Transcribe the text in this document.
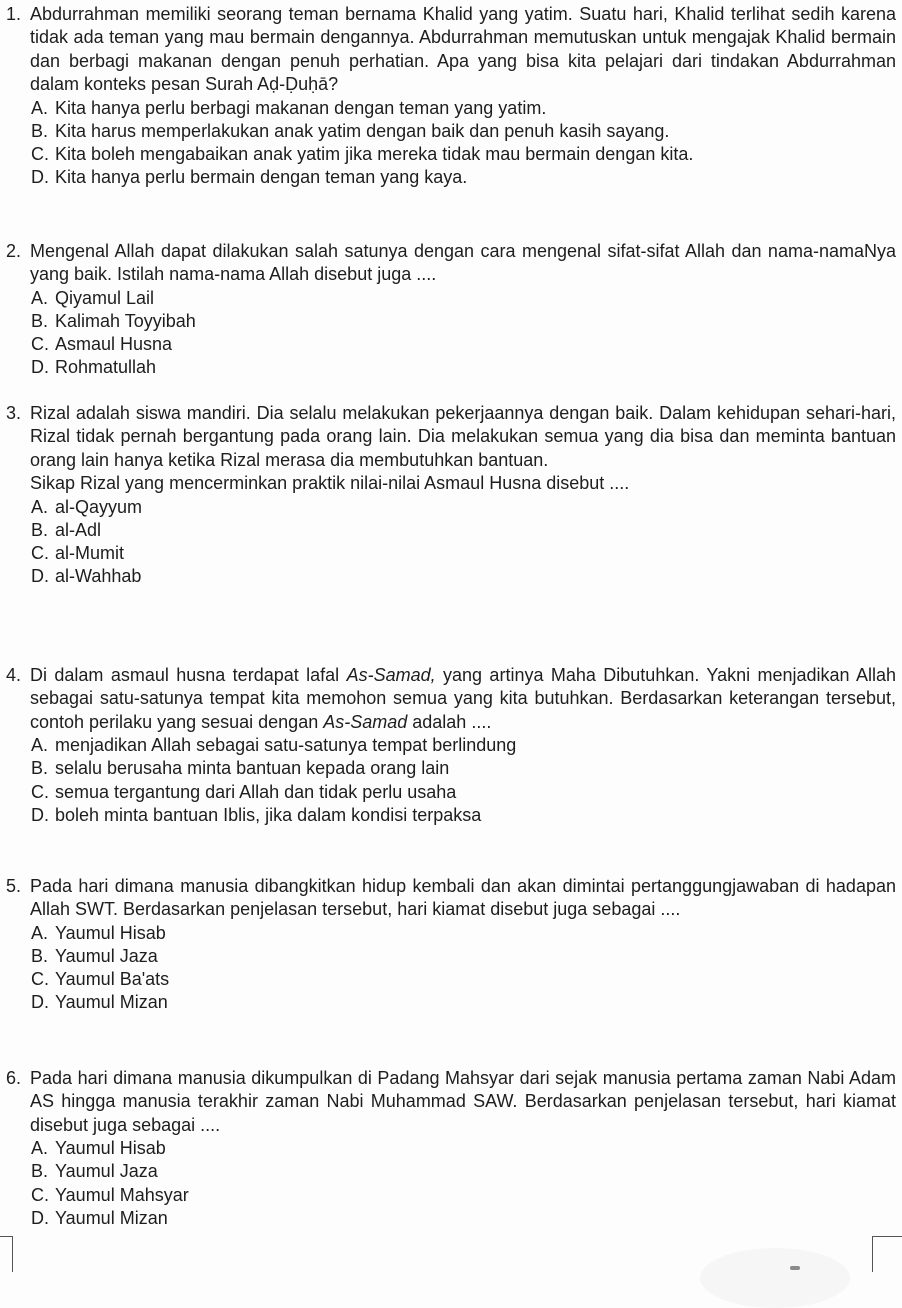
1. Abdurrahman memiliki seorang teman bernama Khalid yang yatim. Suatu hari, Khalid terlihat sedih karena tidak ada teman yang mau bermain dengannya. Abdurrahman memutuskan untuk mengajak Khalid bermain dan berbagi makanan dengan penuh perhatian. Apa yang bisa kita pelajari dari tindakan Abdurrahman dalam konteks pesan Surah Aḍ-Ḍuḥā?

A. Kita hanya perlu berbagi makanan dengan teman yang yatim.
B. Kita harus memperlakukan anak yatim dengan baik dan penuh kasih sayang.
C. Kita boleh mengabaikan anak yatim jika mereka tidak mau bermain dengan kita.
D. Kita hanya perlu bermain dengan teman yang kaya.
2. Mengenal Allah dapat dilakukan salah satunya dengan cara mengenal sifat-sifat Allah dan nama-namaNya yang baik. Istilah nama-nama Allah disebut juga ....

A. Qiyamul Lail
B. Kalimah Toyyibah
C. Asmaul Husna
D. Rohmatullah
3. Rizal adalah siswa mandiri. Dia selalu melakukan pekerjaannya dengan baik. Dalam kehidupan sehari-hari, Rizal tidak pernah bergantung pada orang lain. Dia melakukan semua yang dia bisa dan meminta bantuan orang lain hanya ketika Rizal merasa dia membutuhkan bantuan.

Sikap Rizal yang mencerminkan praktik nilai-nilai Asmaul Husna disebut ....

A. al-Qayyum
B. al-Adl
C. al-Mumit
D. al-Wahhab
4. Di dalam asmaul husna terdapat lafal As-Samad, yang artinya Maha Dibutuhkan. Yakni menjadikan Allah sebagai satu-satunya tempat kita memohon semua yang kita butuhkan. Berdasarkan keterangan tersebut, contoh perilaku yang sesuai dengan As-Samad adalah ....

A. menjadikan Allah sebagai satu-satunya tempat berlindung
B. selalu berusaha minta bantuan kepada orang lain
C. semua tergantung dari Allah dan tidak perlu usaha
D. boleh minta bantuan Iblis, jika dalam kondisi terpaksa
5. Pada hari dimana manusia dibangkitkan hidup kembali dan akan dimintai pertanggungjawaban di hadapan Allah SWT. Berdasarkan penjelasan tersebut, hari kiamat disebut juga sebagai ....

A. Yaumul Hisab
B. Yaumul Jaza
C. Yaumul Ba'ats
D. Yaumul Mizan
6. Pada hari dimana manusia dikumpulkan di Padang Mahsyar dari sejak manusia pertama zaman Nabi Adam AS hingga manusia terakhir zaman Nabi Muhammad SAW. Berdasarkan penjelasan tersebut, hari kiamat disebut juga sebagai ....

A. Yaumul Hisab
B. Yaumul Jaza
C. Yaumul Mahsyar
D. Yaumul Mizan
